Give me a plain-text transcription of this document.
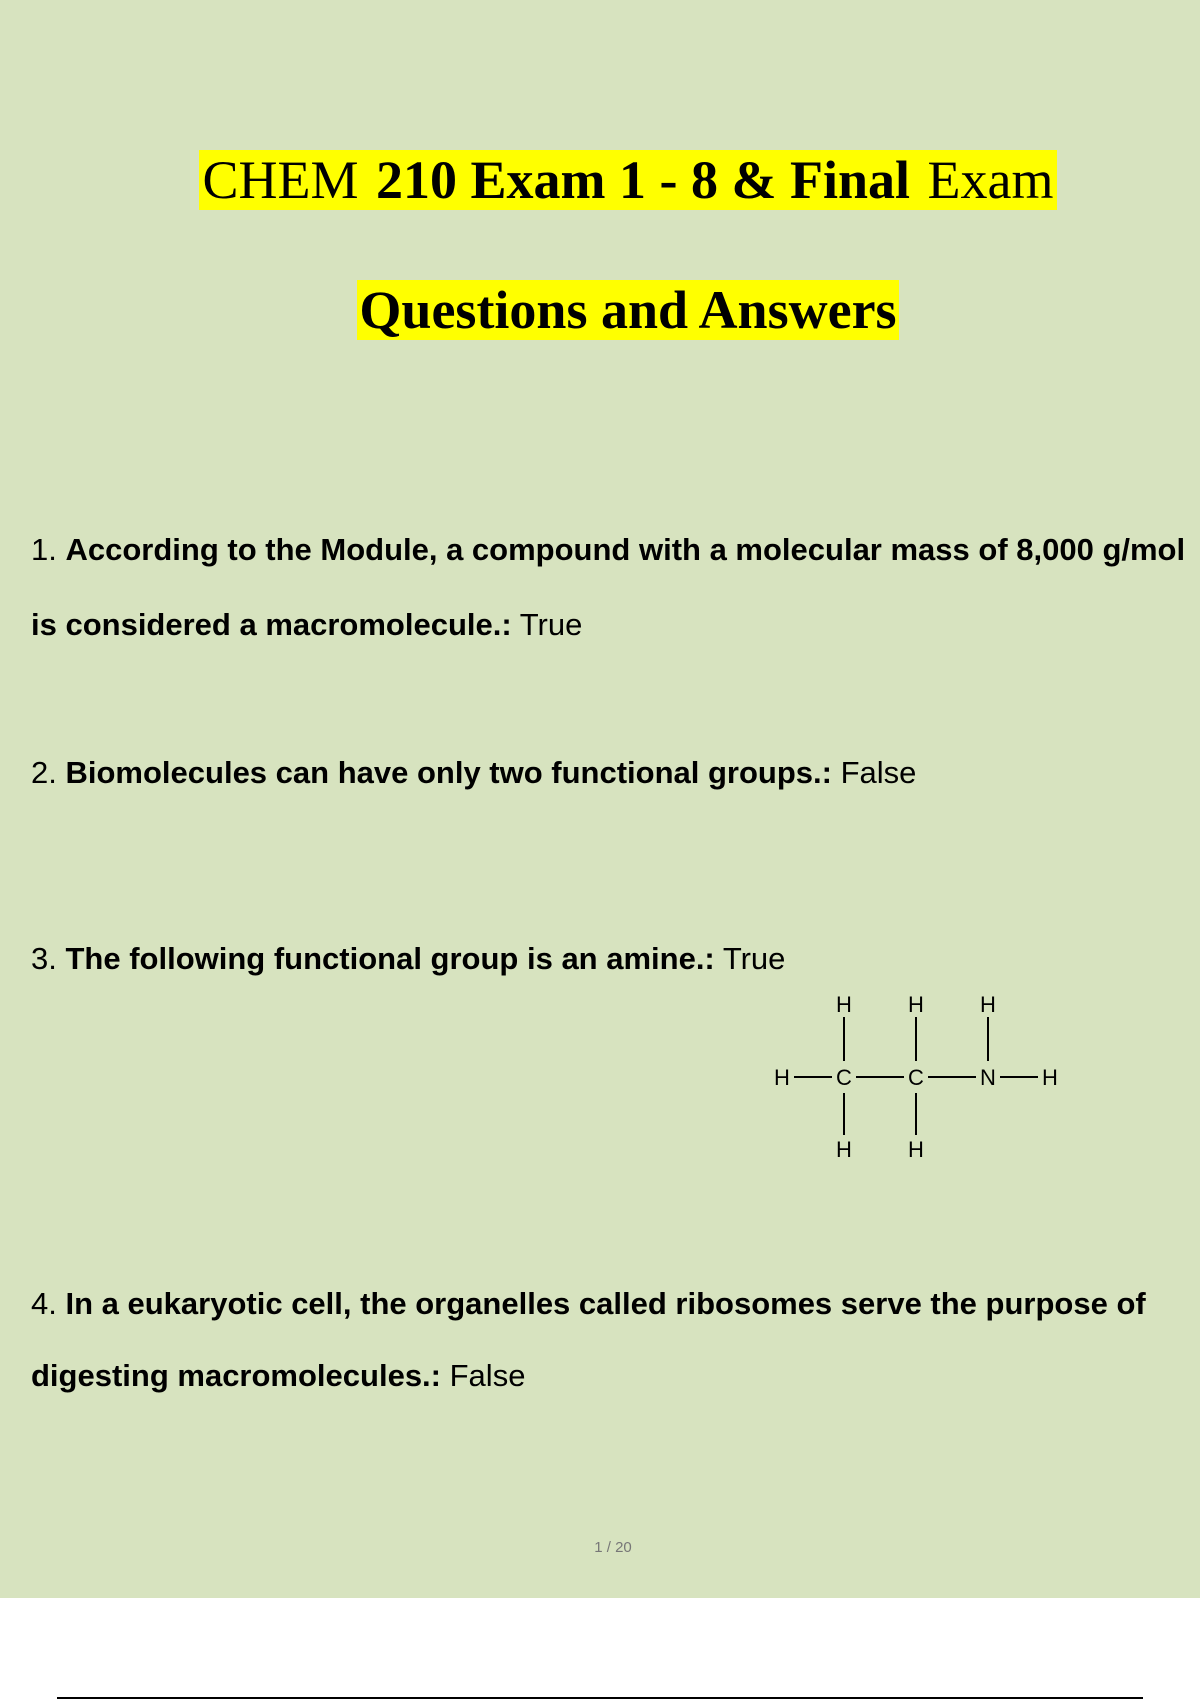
CHEM 210 Exam 1 - 8 & Final Exam
Questions and Answers
1. According to the Module, a compound with a molecular mass of 8,000 g/mol
is considered a macromolecule.: True
2. Biomolecules can have only two functional groups.: False
3. The following functional group is an amine.: True
H C	C	N H
H	H	H
H	H
4. In a eukaryotic cell, the organelles called ribosomes serve the purpose of
digesting macromolecules.: False
1 / 20
